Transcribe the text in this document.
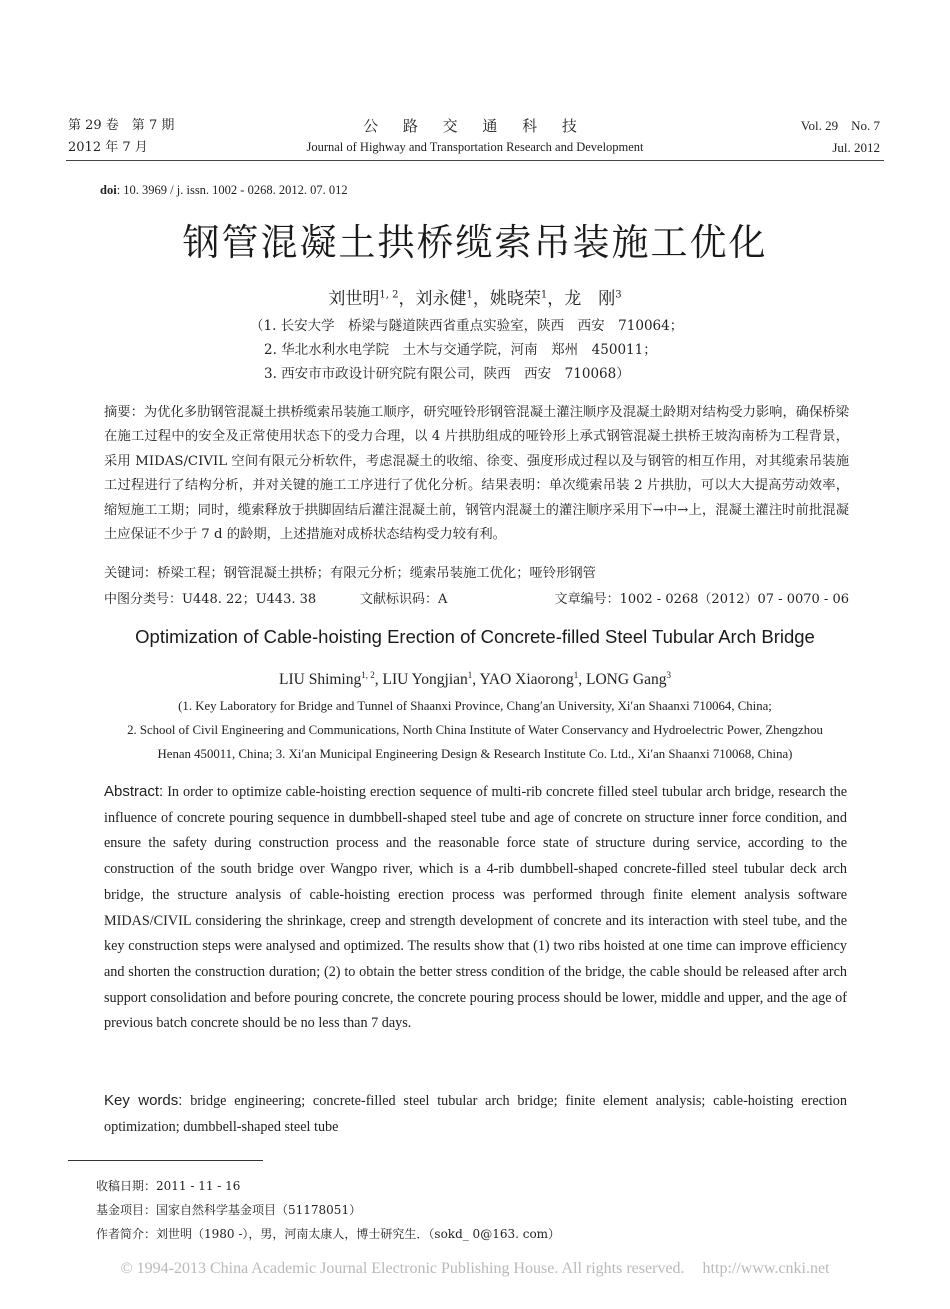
第 29 卷　第 7 期
2012 年 7 月
公 路 交 通 科 技
Journal of Highway and Transportation Research and Development
Vol. 29　No. 7
Jul. 2012
doi: 10. 3969 / j. issn. 1002 - 0268. 2012. 07. 012
钢管混凝土拱桥缆索吊装施工优化
刘世明$^{1, 2}$，刘永健$^1$，姚晓荣$^1$，龙　刚$^3$
（1. 长安大学　桥梁与隧道陕西省重点实验室，陕西　西安　710064；
2. 华北水利水电学院　土木与交通学院，河南　郑州　450011；
3. 西安市市政设计研究院有限公司，陕西　西安　710068）
摘要：为优化多肋钢管混凝土拱桥缆索吊装施工顺序，研究哑铃形钢管混凝土灌注顺序及混凝土龄期对结构受力影响，确保桥梁在施工过程中的安全及正常使用状态下的受力合理，以 4 片拱肋组成的哑铃形上承式钢管混凝土拱桥王坡沟南桥为工程背景，采用 MIDAS/CIVIL 空间有限元分析软件，考虑混凝土的收缩、徐变、强度形成过程以及与钢管的相互作用，对其缆索吊装施工过程进行了结构分析，并对关键的施工工序进行了优化分析。结果表明：单次缆索吊装 2 片拱肋，可以大大提高劳动效率，缩短施工工期；同时，缆索释放于拱脚固结后灌注混凝土前，钢管内混凝土的灌注顺序采用下→中→上，混凝土灌注时前批混凝土应保证不少于 7 d 的龄期，上述措施对成桥状态结构受力较有利。
关键词：桥梁工程；钢管混凝土拱桥；有限元分析；缆索吊装施工优化；哑铃形钢管
中图分类号：U448. 22；U443. 38	文献标识码：A	文章编号：1002 - 0268（2012）07 - 0070 - 06
Optimization of Cable-hoisting Erection of Concrete-filled Steel Tubular Arch Bridge
LIU Shiming$^{1, 2}$, LIU Yongjian$^1$, YAO Xiaorong$^1$, LONG Gang$^3$
(1. Key Laboratory for Bridge and Tunnel of Shaanxi Province, Chang′an University, Xi′an Shaanxi 710064, China;
2. School of Civil Engineering and Communications, North China Institute of Water Conservancy and Hydroelectric Power, Zhengzhou
Henan 450011, China; 3. Xi′an Municipal Engineering Design & Research Institute Co. Ltd., Xi′an Shaanxi 710068, China)
Abstract: In order to optimize cable-hoisting erection sequence of multi-rib concrete filled steel tubular arch bridge, research the influence of concrete pouring sequence in dumbbell-shaped steel tube and age of concrete on structure inner force condition, and ensure the safety during construction process and the reasonable force state of structure during service, according to the construction of the south bridge over Wangpo river, which is a 4-rib dumbbell-shaped concrete-filled steel tubular deck arch bridge, the structure analysis of cable-hoisting erection process was performed through finite element analysis software MIDAS/CIVIL considering the shrinkage, creep and strength development of concrete and its interaction with steel tube, and the key construction steps were analysed and optimized. The results show that (1) two ribs hoisted at one time can improve efficiency and shorten the construction duration; (2) to obtain the better stress condition of the bridge, the cable should be released after arch support consolidation and before pouring concrete, the concrete pouring process should be lower, middle and upper, and the age of previous batch concrete should be no less than 7 days.
Key words: bridge engineering; concrete-filled steel tubular arch bridge; finite element analysis; cable-hoisting erection optimization; dumbbell-shaped steel tube
收稿日期：2011 - 11 - 16
基金项目：国家自然科学基金项目（51178051）
作者简介：刘世明（1980 -），男，河南太康人，博士研究生．（sokd_ 0@163. com）
© 1994-2013 China Academic Journal Electronic Publishing House. All rights reserved. http://www.cnki.net
